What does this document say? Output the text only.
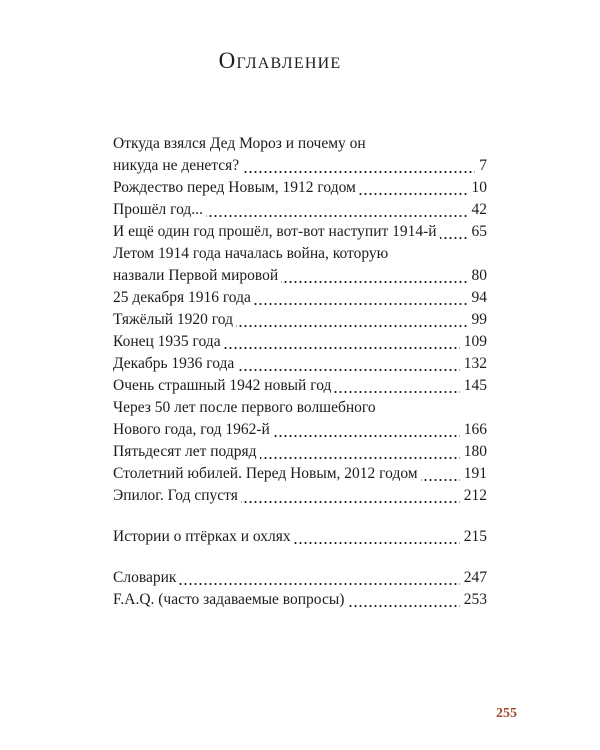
Оглавление
Откуда взялся Дед Мороз и почему он
никуда не денется?	7
Рождество перед Новым, 1912 годом	10
Прошёл год...	42
И ещё один год прошёл, вот-вот наступит 1914-й 65
Летом 1914 года началась война, которую
назвали Первой мировой	80
25 декабря 1916 года	94
Тяжёлый 1920 год	99
Конец 1935 года	109
Декабрь 1936 года	132
Очень страшный 1942 новый год	145
Через 50 лет после первого волшебного
Нового года, год 1962-й	166
Пятьдесят лет подряд	180
Столетний юбилей. Перед Новым, 2012 годом	191
Эпилог. Год спустя	212
Истории о птёрках и охлях	215
Словарик	247
F.A.Q. (часто задаваемые вопросы)	253
255
